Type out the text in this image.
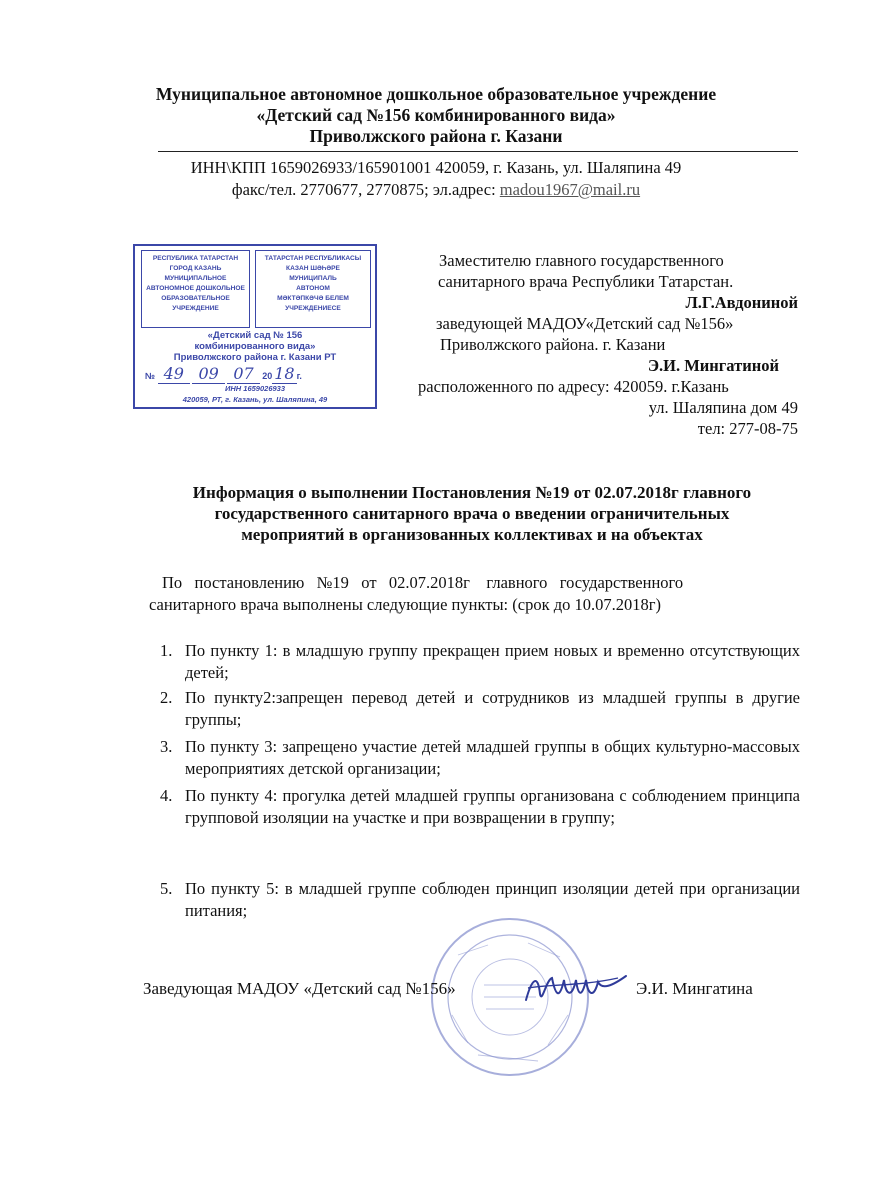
Муниципальное автономное дошкольное образовательное учреждение
«Детский сад №156 комбинированного вида»
Приволжского района г. Казани
ИНН\КПП 1659026933/165901001 420059, г. Казань, ул. Шаляпина 49
факс/тел. 2770677, 2770875; эл.адрес: madou1967@mail.ru
РЕСПУБЛИКА ТАТАРСТАН
ГОРОД КАЗАНЬ
МУНИЦИПАЛЬНОЕ
АВТОНОМНОЕ ДОШКОЛЬНОЕ
ОБРАЗОВАТЕЛЬНОЕ
УЧРЕЖДЕНИЕ
ТАТАРСТАН РЕСПУБЛИКАСЫ
КАЗАН ШӘҺӘРЕ
МУНИЦИПАЛЬ
АВТОНОМ
МӘКТӘПКӘЧӘ БЕЛЕМ
УЧРЕЖДЕНИЕСЕ
«Детский сад № 156
комбинированного вида»
Приволжского района г. Казани РТ
№ 49 09 07 20 18 г.
ИНН 1659026933
420059, РТ, г. Казань, ул. Шаляпина, 49
Заместителю главного государственного
санитарного врача Республики Татарстан.
Л.Г.Авдониной
заведующей МАДОУ«Детский сад №156»
Приволжского района. г. Казани
Э.И. Мингатиной
расположенного по адресу: 420059. г.Казань
ул. Шаляпина дом 49
тел: 277-08-75
Информация о выполнении Постановления №19 от 02.07.2018г главного
государственного санитарного врача о введении ограничительных
мероприятий в организованных коллективах и на объектах
По   постановлению   №19   от   02.07.2018г    главного   государственного
санитарного врача выполнены следующие пункты: (срок до 10.07.2018г)
1. По пункту 1: в младшую группу прекращен прием новых и временно отсутствующих детей;
2. По пункту2:запрещен перевод детей и сотрудников из младшей группы в другие группы;
3. По пункту 3: запрещено участие детей младшей группы в общих культурно-массовых мероприятиях детской организации;
4. По пункту 4: прогулка детей младшей группы организована с соблюдением принципа групповой изоляции на участке и при возвращении в группу;
5. По пункту 5: в младшей группе соблюден принцип изоляции детей при организации питания;
Заведующая МАДОУ «Детский сад №156»	Э.И. Мингатина
